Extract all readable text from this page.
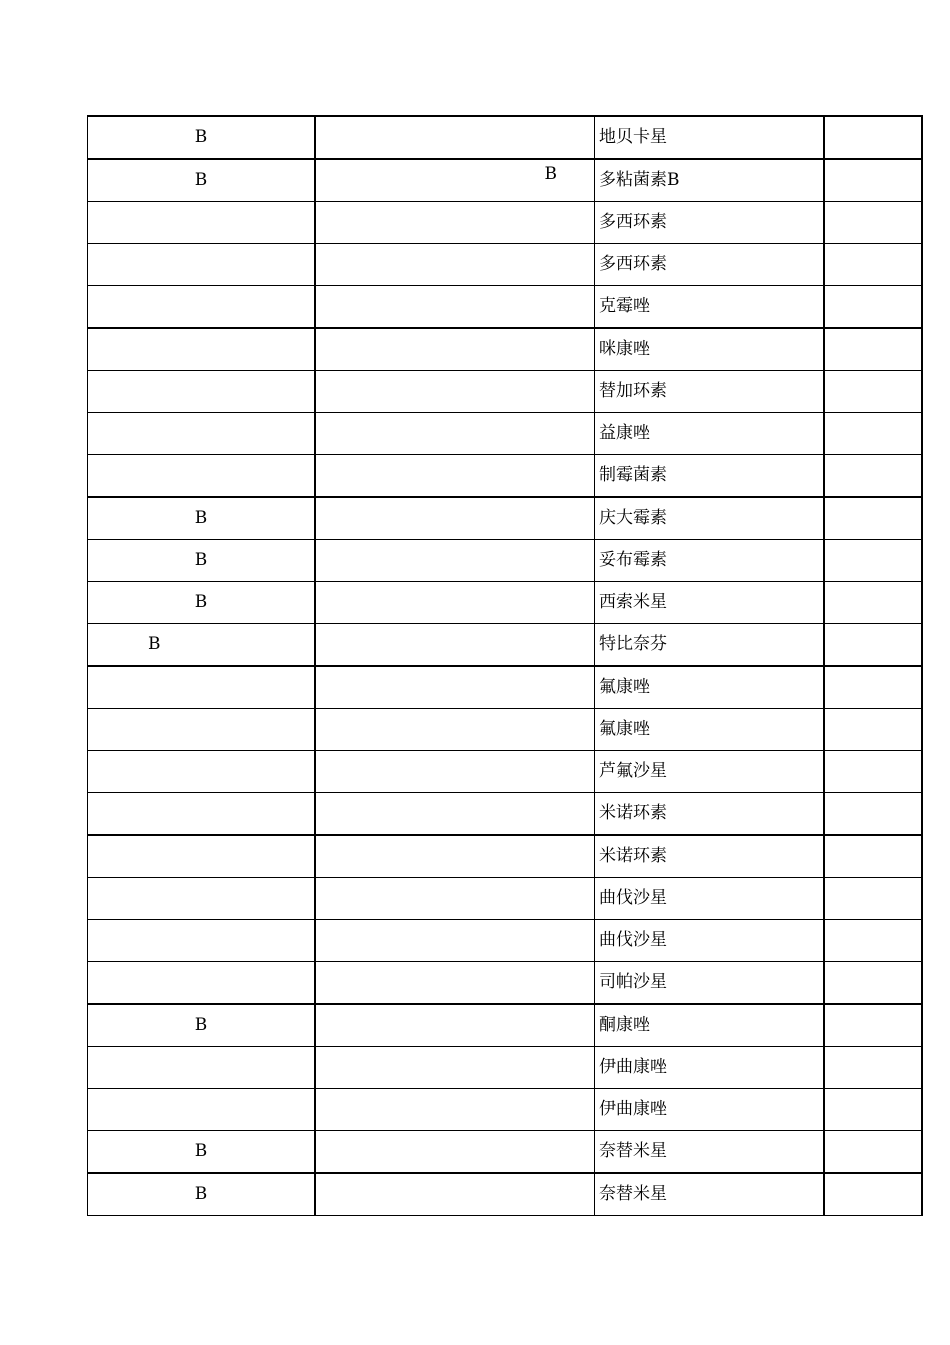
B		地贝卡星	
B	B	多粘菌素B	
		多西环素	
		多西环素	
		克霉唑	
		咪康唑	
		替加环素	
		益康唑	
		制霉菌素	
B		庆大霉素	
B		妥布霉素	
B		西索米星	
B		特比奈芬	
		氟康唑	
		氟康唑	
		芦氟沙星	
		米诺环素	
		米诺环素	
		曲伐沙星	
		曲伐沙星	
		司帕沙星	
B		酮康唑	
		伊曲康唑	
		伊曲康唑	
B		奈替米星	
B		奈替米星	
